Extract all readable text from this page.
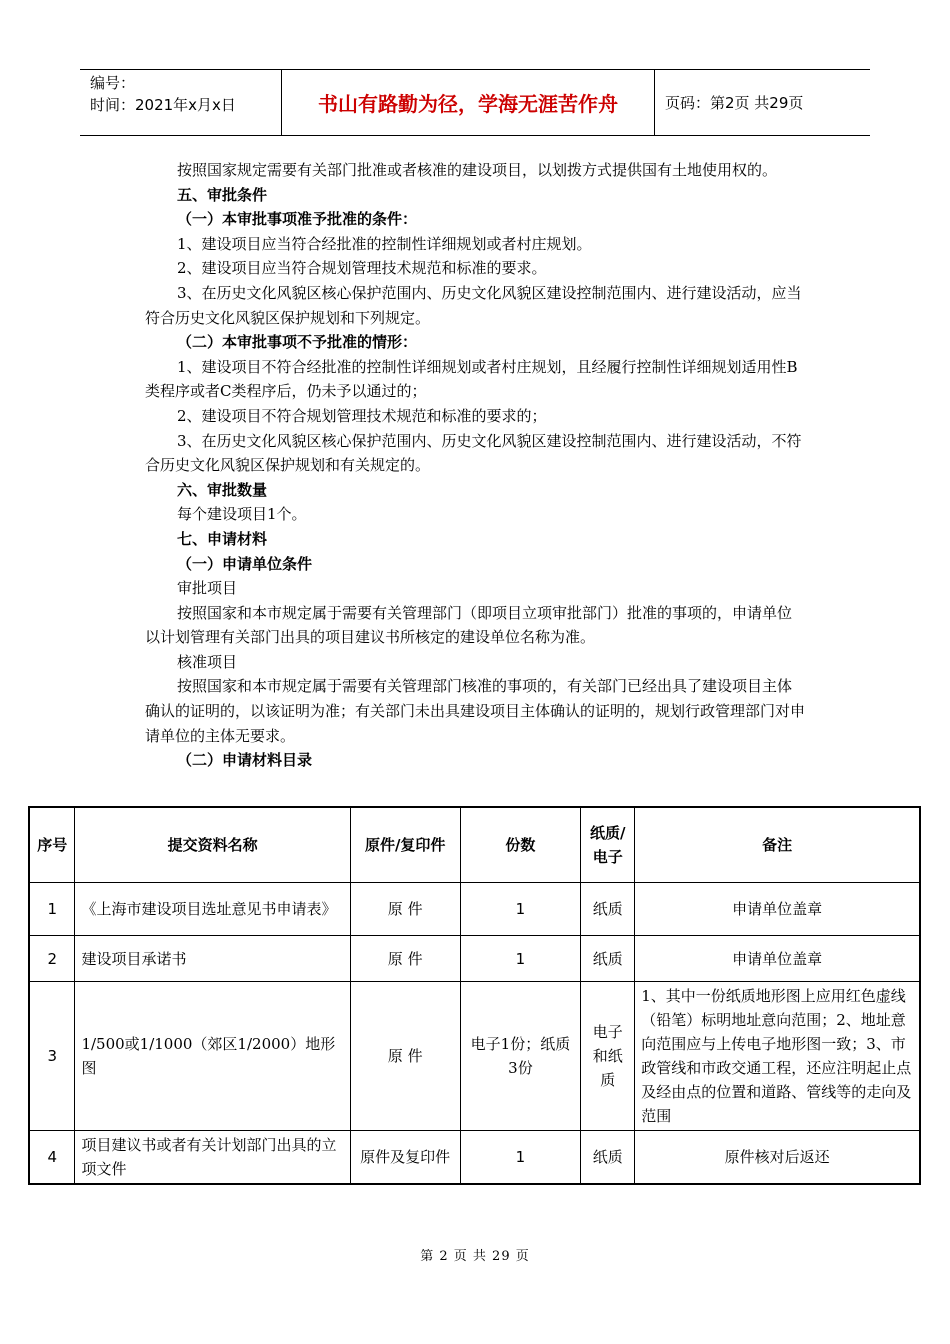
编号：
时间：2021年x月x日	书山有路勤为径，学海无涯苦作舟	页码：第2页 共29页

按照国家规定需要有关部门批准或者核准的建设项目，以划拨方式提供国有土地使用权的。

五、审批条件

（一）本审批事项准予批准的条件：

1、建设项目应当符合经批准的控制性详细规划或者村庄规划。

2、建设项目应当符合规划管理技术规范和标准的要求。

3、在历史文化风貌区核心保护范围内、历史文化风貌区建设控制范围内、进行建设活动，应当符合历史文化风貌区保护规划和下列规定。

（二）本审批事项不予批准的情形：

1、建设项目不符合经批准的控制性详细规划或者村庄规划，且经履行控制性详细规划适用性B类程序或者C类程序后，仍未予以通过的；

2、建设项目不符合规划管理技术规范和标准的要求的；

3、在历史文化风貌区核心保护范围内、历史文化风貌区建设控制范围内、进行建设活动，不符合历史文化风貌区保护规划和有关规定的。

六、审批数量

每个建设项目1个。

七、申请材料

（一）申请单位条件

审批项目

按照国家和本市规定属于需要有关管理部门（即项目立项审批部门）批准的事项的，申请单位以计划管理有关部门出具的项目建议书所核定的建设单位名称为准。

核准项目

按照国家和本市规定属于需要有关管理部门核准的事项的，有关部门已经出具了建设项目主体确认的证明的，以该证明为准；有关部门未出具建设项目主体确认的证明的，规划行政管理部门对申请单位的主体无要求。

（二）申请材料目录

序号	提交资料名称	原件/复印件	份数	纸质/电子	备注
1	《上海市建设项目选址意见书申请表》	原 件	1	纸质	申请单位盖章
2	建设项目承诺书	原 件	1	纸质	申请单位盖章
3	1/500或1/1000（郊区1/2000）地形图	原 件	电子1份；纸质3份	电子和纸质	1、其中一份纸质地形图上应用红色虚线（铅笔）标明地址意向范围；2、地址意向范围应与上传电子地形图一致；3、市政管线和市政交通工程，还应注明起止点及经由点的位置和道路、管线等的走向及范围
4	项目建议书或者有关计划部门出具的立项文件	原件及复印件	1	纸质	原件核对后返还
第 2 页 共 29 页
